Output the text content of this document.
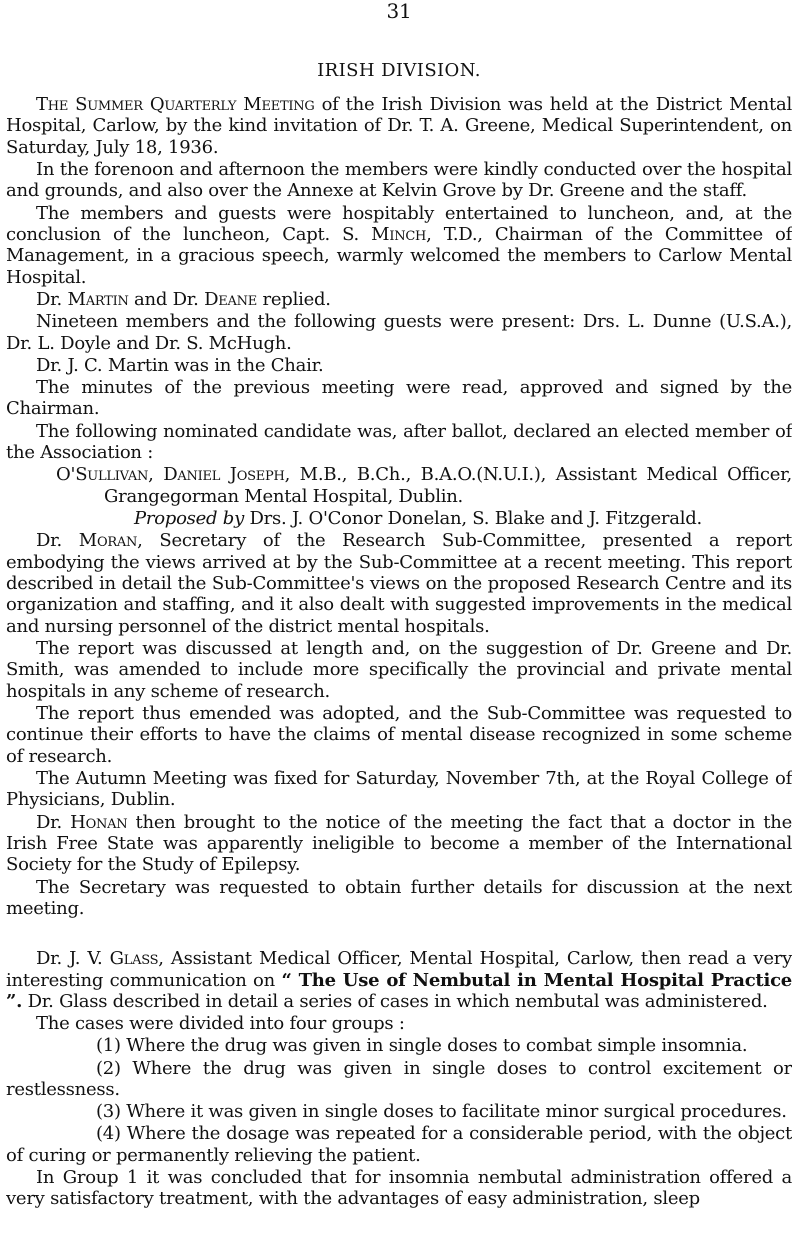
31
IRISH DIVISION.

The Summer Quarterly Meeting of the Irish Division was held at the District Mental Hospital, Carlow, by the kind invitation of Dr. T. A. Greene, Medical Superintendent, on Saturday, July 18, 1936.

In the forenoon and afternoon the members were kindly conducted over the hospital and grounds, and also over the Annexe at Kelvin Grove by Dr. Greene and the staff.

The members and guests were hospitably entertained to luncheon, and, at the conclusion of the luncheon, Capt. S. Minch, T.D., Chairman of the Committee of Management, in a gracious speech, warmly welcomed the members to Carlow Mental Hospital.

Dr. Martin and Dr. Deane replied.

Nineteen members and the following guests were present: Drs. L. Dunne (U.S.A.), Dr. L. Doyle and Dr. S. McHugh.

Dr. J. C. Martin was in the Chair.

The minutes of the previous meeting were read, approved and signed by the Chairman.

The following nominated candidate was, after ballot, declared an elected member of the Association :

O'Sullivan, Daniel Joseph, M.B., B.Ch., B.A.O.(N.U.I.), Assistant Medical Officer, Grangegorman Mental Hospital, Dublin.

Proposed by Drs. J. O'Conor Donelan, S. Blake and J. Fitzgerald.

Dr. Moran, Secretary of the Research Sub-Committee, presented a report embodying the views arrived at by the Sub-Committee at a recent meeting. This report described in detail the Sub-Committee's views on the proposed Research Centre and its organization and staffing, and it also dealt with suggested improvements in the medical and nursing personnel of the district mental hospitals.

The report was discussed at length and, on the suggestion of Dr. Greene and Dr. Smith, was amended to include more specifically the provincial and private mental hospitals in any scheme of research.

The report thus emended was adopted, and the Sub-Committee was requested to continue their efforts to have the claims of mental disease recognized in some scheme of research.

The Autumn Meeting was fixed for Saturday, November 7th, at the Royal College of Physicians, Dublin.

Dr. Honan then brought to the notice of the meeting the fact that a doctor in the Irish Free State was apparently ineligible to become a member of the International Society for the Study of Epilepsy.

The Secretary was requested to obtain further details for discussion at the next meeting.

Dr. J. V. Glass, Assistant Medical Officer, Mental Hospital, Carlow, then read a very interesting communication on “ The Use of Nembutal in Mental Hospital Practice ”. Dr. Glass described in detail a series of cases in which nembutal was administered.

The cases were divided into four groups :

(1) Where the drug was given in single doses to combat simple insomnia.

(2) Where the drug was given in single doses to control excitement or restlessness.

(3) Where it was given in single doses to facilitate minor surgical procedures.

(4) Where the dosage was repeated for a considerable period, with the object of curing or permanently relieving the patient.

In Group 1 it was concluded that for insomnia nembutal administration offered a very satisfactory treatment, with the advantages of easy administration, sleep
